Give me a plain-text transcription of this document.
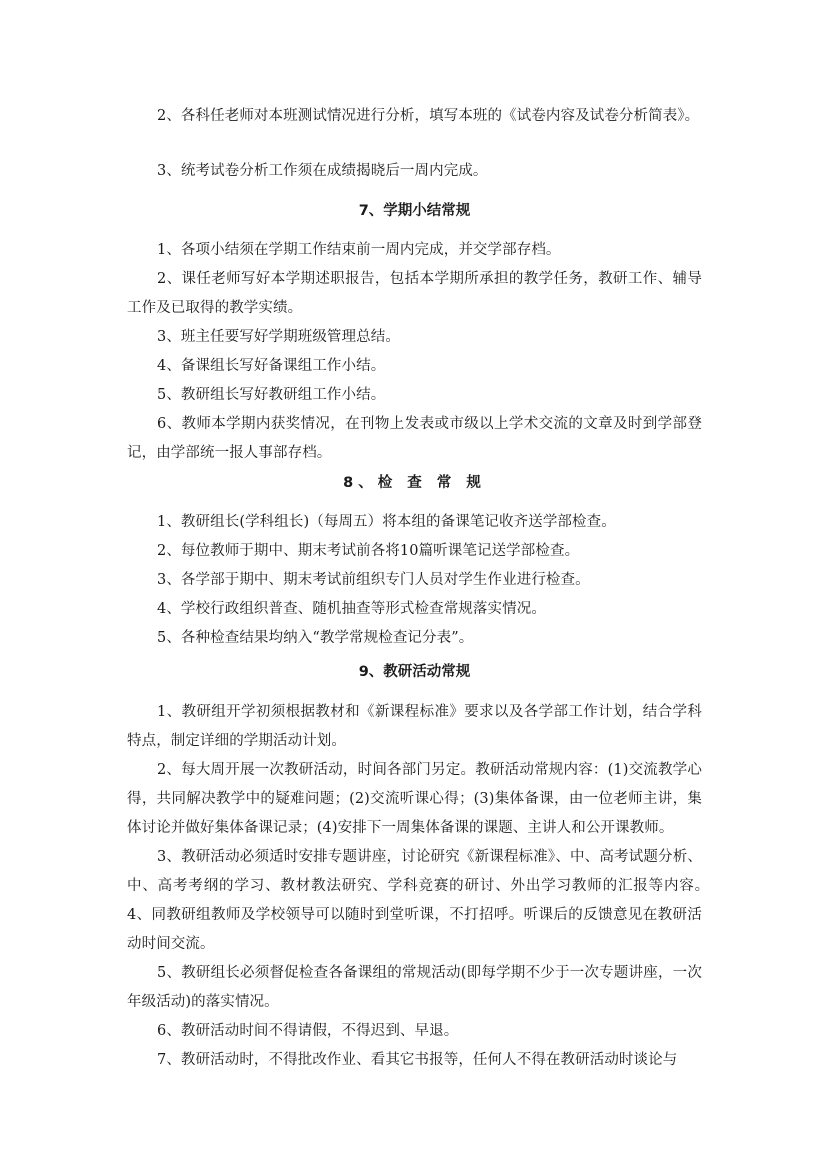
2、各科任老师对本班测试情况进行分析，填写本班的《试卷内容及试卷分析简表》。

3、统考试卷分析工作须在成绩揭晓后一周内完成。

7、学期小结常规

1、各项小结须在学期工作结束前一周内完成，并交学部存档。

2、课任老师写好本学期述职报告，包括本学期所承担的教学任务，教研工作、辅导工作及已取得的教学实绩。

3、班主任要写好学期班级管理总结。

4、备课组长写好备课组工作小结。

5、教研组长写好教研组工作小结。

6、教师本学期内获奖情况，在刊物上发表或市级以上学术交流的文章及时到学部登记，由学部统一报人事部存档。

8、检 查 常 规

1、教研组长(学科组长)（每周五）将本组的备课笔记收齐送学部检查。

2、每位教师于期中、期末考试前各将10篇听课笔记送学部检查。

3、各学部于期中、期末考试前组织专门人员对学生作业进行检查。

4、学校行政组织普查、随机抽查等形式检查常规落实情况。

5、各种检查结果均纳入“教学常规检查记分表”。

9、教研活动常规

1、教研组开学初须根据教材和《新课程标准》要求以及各学部工作计划，结合学科特点，制定详细的学期活动计划。

2、每大周开展一次教研活动，时间各部门另定。教研活动常规内容：(1)交流教学心得，共同解决教学中的疑难问题；(2)交流听课心得；(3)集体备课，由一位老师主讲，集体讨论并做好集体备课记录；(4)安排下一周集体备课的课题、主讲人和公开课教师。

3、教研活动必须适时安排专题讲座，讨论研究《新课程标准》、中、高考试题分析、中、高考考纲的学习、教材教法研究、学科竞赛的研讨、外出学习教师的汇报等内容。　　4、同教研组教师及学校领导可以随时到堂听课，不打招呼。听课后的反馈意见在教研活动时间交流。

5、教研组长必须督促检查各备课组的常规活动(即每学期不少于一次专题讲座，一次年级活动)的落实情况。

6、教研活动时间不得请假，不得迟到、早退。

7、教研活动时，不得批改作业、看其它书报等，任何人不得在教研活动时谈论与
